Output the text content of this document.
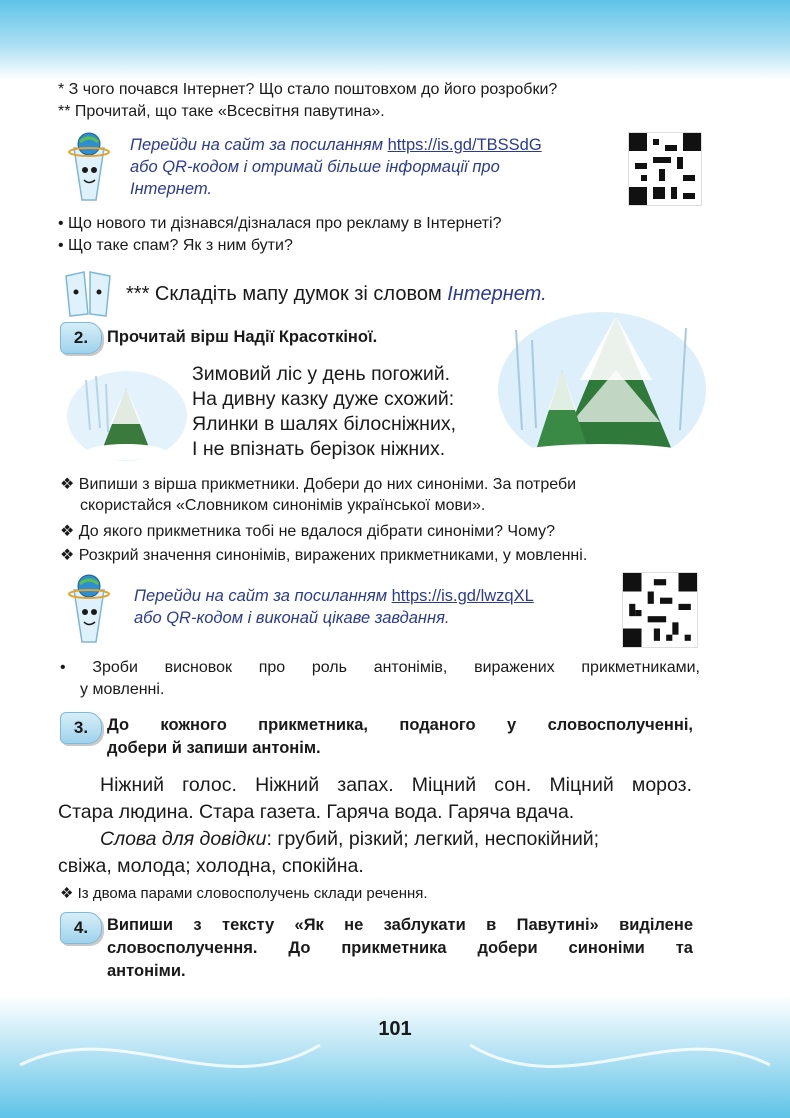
* З чого почався Інтернет? Що стало поштовхом до його розробки?
** Прочитай, що таке «Всесвітня павутина».
Перейди на сайт за посиланням https://is.gd/TBSSdG
або QR-кодом і отримай більше інформації про
Інтернет.
• Що нового ти дізнався/дізналася про рекламу в Інтернеті?
• Що таке спам? Як з ним бути?
*** Складіть мапу думок зі словом Інтернет.
2.	Прочитай вірш Надії Красоткіної.
Зимовий ліс у день погожий.
На дивну казку дуже схожий:
Ялинки в шалях білосніжних,
І не впізнать берізок ніжних.
❖ Випиши з вірша прикметники. Добери до них синоніми. За потреби
скористайся «Словником синонімів української мови».
❖ До якого прикметника тобі не вдалося дібрати синоніми? Чому?
❖ Розкрий значення синонімів, виражених прикметниками, у мовленні.
Перейди на сайт за посиланням https://is.gd/lwzqXL
або QR-кодом і виконай цікаве завдання.
• Зроби висновок про роль антонімів, виражених прикметниками,
у мовленні.
3.	До кожного прикметника, поданого у словосполученні,
добери й запиши антонім.
Ніжний голос. Ніжний запах. Міцний сон. Міцний мороз.
Стара людина. Стара газета. Гаряча вода. Гаряча вдача.
Слова для довідки: грубий, різкий; легкий, неспокійний;
свіжа, молода; холодна, спокійна.
❖ Із двома парами словосполучень склади речення.
4.	Випиши з тексту «Як не заблукати в Павутині» виділене
словосполучення. До прикметника добери синоніми та
антоніми.
101
